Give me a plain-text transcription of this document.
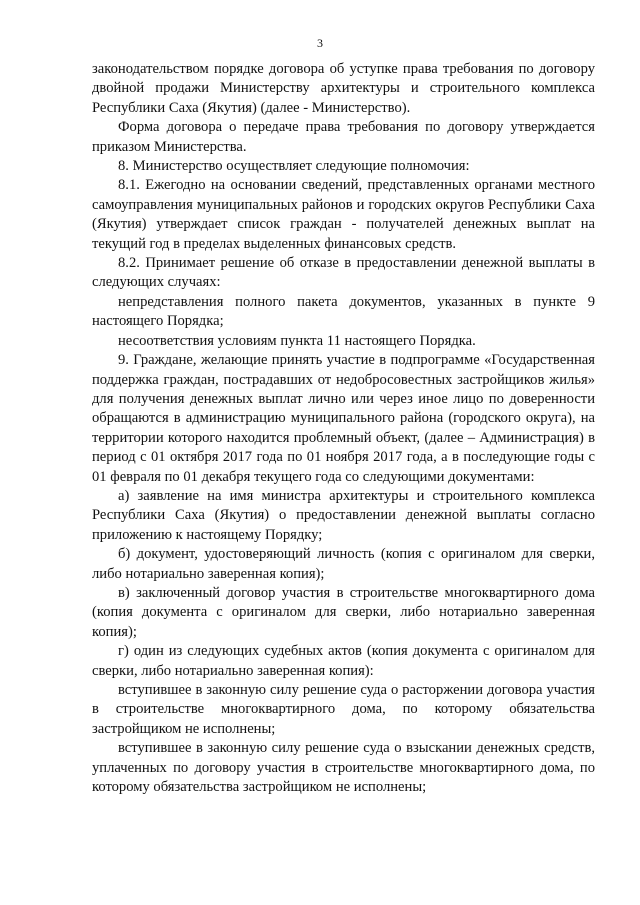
3

законодательством порядке договора об уступке права требования по договору двойной продажи Министерству архитектуры и строительного комплекса Республики Саха (Якутия) (далее - Министерство).

Форма договора о передаче права требования по договору утверждается приказом Министерства.

8. Министерство осуществляет следующие полномочия:

8.1. Ежегодно на основании сведений, представленных органами местного самоуправления муниципальных районов и городских округов Республики Саха (Якутия) утверждает список граждан - получателей денежных выплат на текущий год в пределах выделенных финансовых средств.

8.2. Принимает решение об отказе в предоставлении денежной выплаты в следующих случаях:

непредставления полного пакета документов, указанных в пункте 9 настоящего Порядка;

несоответствия условиям пункта 11 настоящего Порядка.

9. Граждане, желающие принять участие в подпрограмме «Государственная поддержка граждан, пострадавших от недобросовестных застройщиков жилья» для получения денежных выплат лично или через иное лицо по доверенности обращаются в администрацию муниципального района (городского округа), на территории которого находится проблемный объект, (далее – Администрация) в период с 01 октября 2017 года по 01 ноября 2017 года, а в последующие годы с 01 февраля по 01 декабря текущего года со следующими документами:

а) заявление на имя министра архитектуры и строительного комплекса Республики Саха (Якутия) о предоставлении денежной выплаты согласно приложению к настоящему Порядку;

б) документ, удостоверяющий личность (копия с оригиналом для сверки, либо нотариально заверенная копия);

в) заключенный договор участия в строительстве многоквартирного дома (копия документа с оригиналом для сверки, либо нотариально заверенная копия);

г) один из следующих судебных актов (копия документа с оригиналом для сверки, либо нотариально заверенная копия):

вступившее в законную силу решение суда о расторжении договора участия в строительстве многоквартирного дома, по которому обязательства застройщиком не исполнены;

вступившее в законную силу решение суда о взыскании денежных средств, уплаченных по договору участия в строительстве многоквартирного дома, по которому обязательства застройщиком не исполнены;
